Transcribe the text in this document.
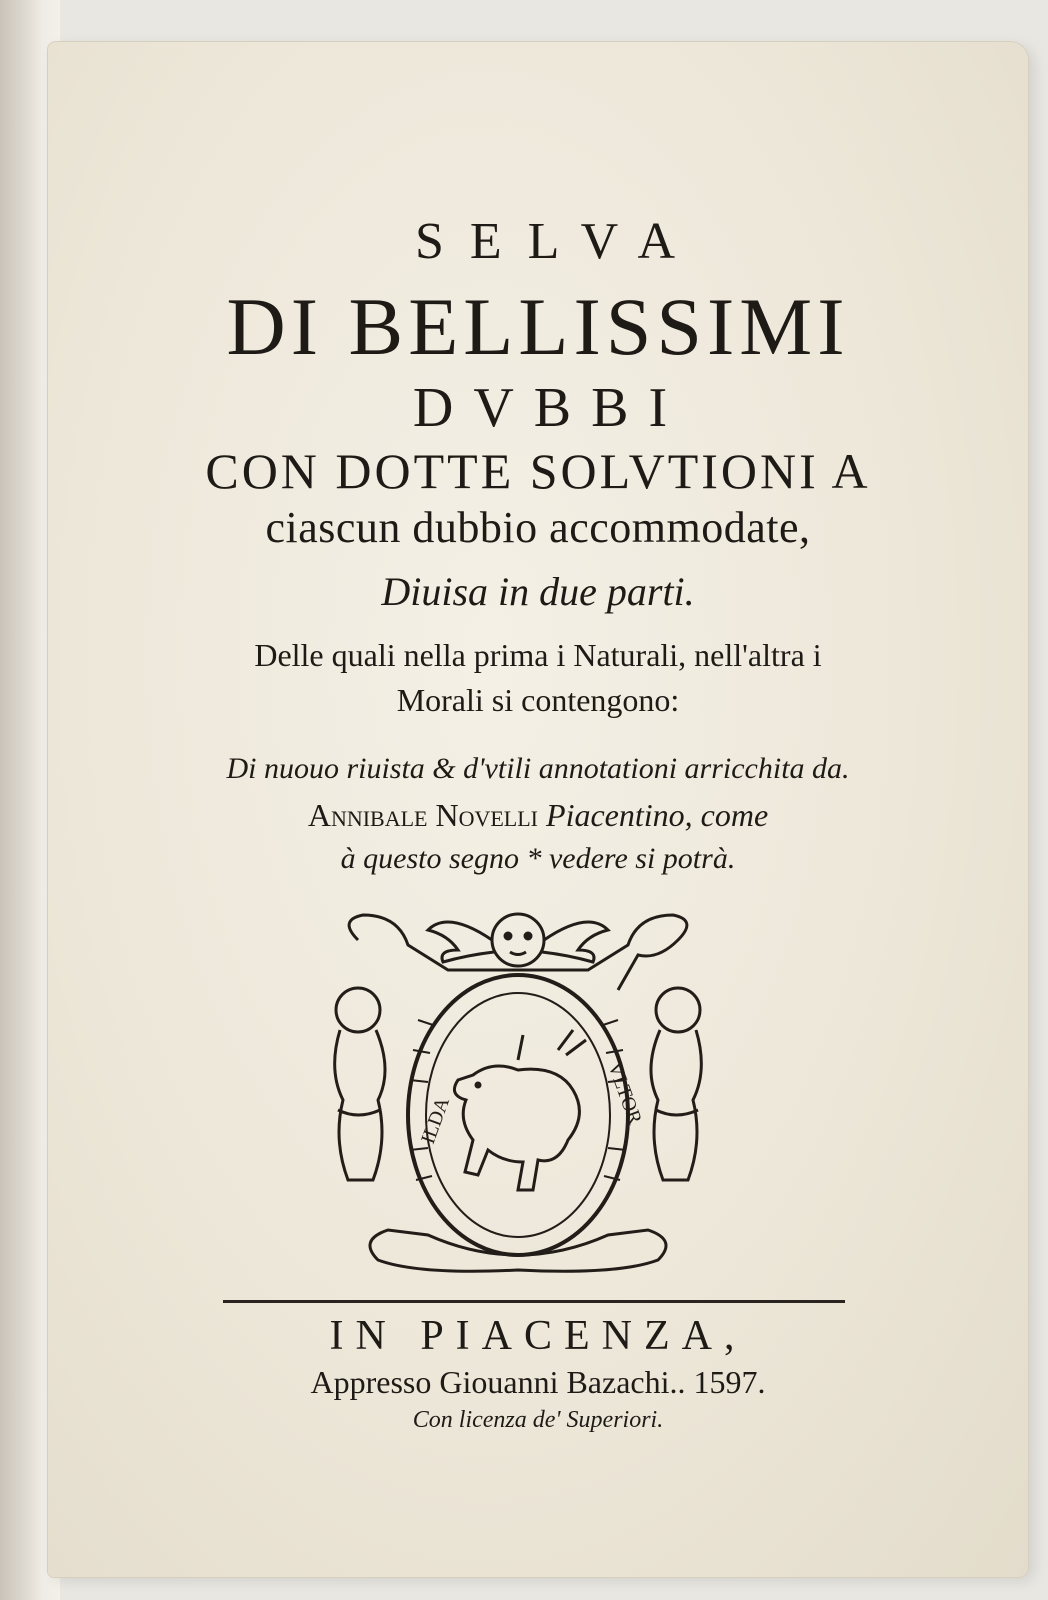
SELVA
DI BELLISSIMI
DVBBI
CON DOTTE SOLVTIONI A
ciascun dubbio accommodate,
Diuisa in due parti.
Delle quali nella prima i Naturali, nell'altra i
Morali si contengono:
Di nuouo riuista & d'vtili annotationi arricchita da.
Annibale Novelli Piacentino, come
à questo segno * vedere si potrà.
ILDA	VLTOR
IN PIACENZA,
Appresso Giouanni Bazachi.. 1597.
Con licenza de' Superiori.
